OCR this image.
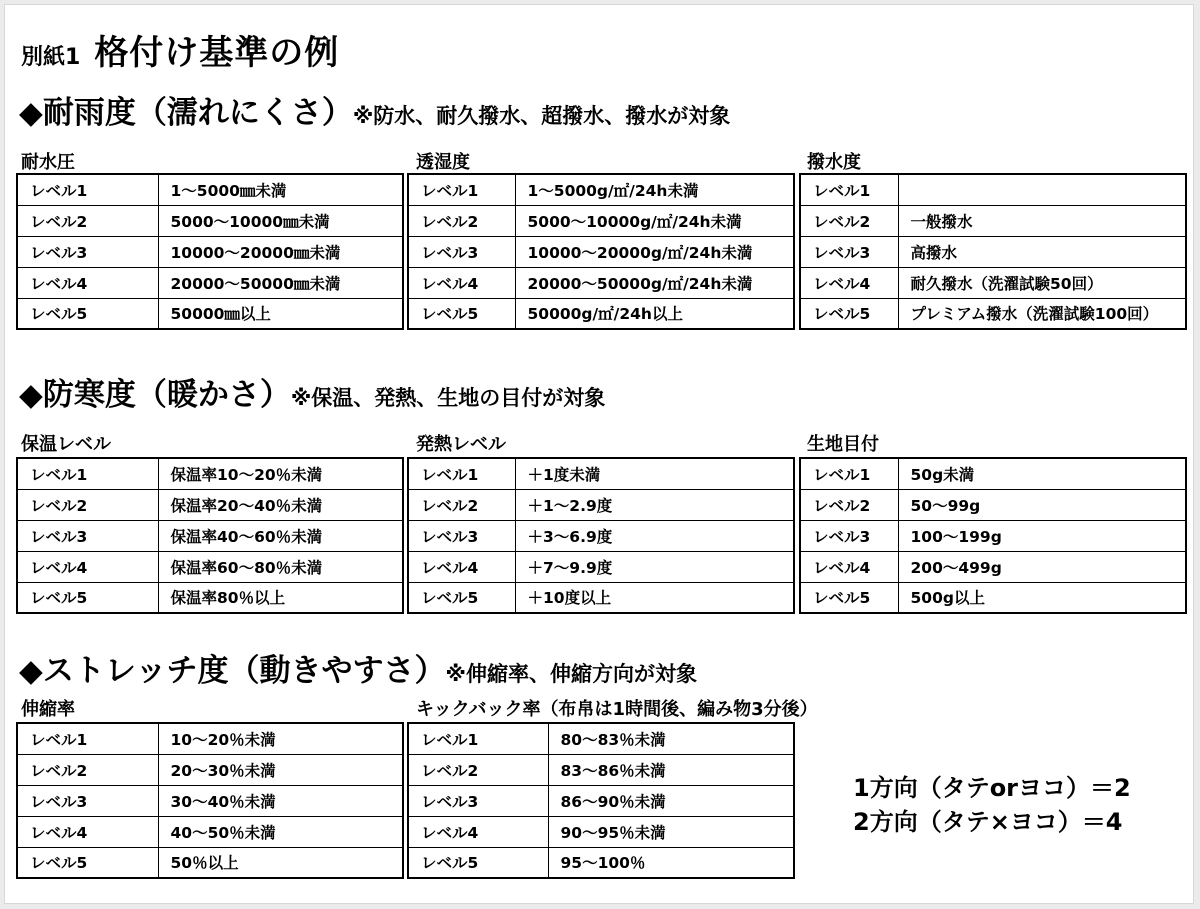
別紙1 格付け基準の例
◆耐雨度（濡れにくさ）※防水、耐久撥水、超撥水、撥水が対象
耐水圧
レベル1	1～5000㎜未満
レベル2	5000～10000㎜未満
レベル3	10000～20000㎜未満
レベル4	20000～50000㎜未満
レベル5	50000㎜以上
透湿度
レベル1	1～5000g/㎡/24h未満
レベル2	5000～10000g/㎡/24h未満
レベル3	10000～20000g/㎡/24h未満
レベル4	20000～50000g/㎡/24h未満
レベル5	50000g/㎡/24h以上
撥水度
レベル1	
レベル2	一般撥水
レベル3	高撥水
レベル4	耐久撥水（洗濯試験50回）
レベル5	プレミアム撥水（洗濯試験100回）
◆防寒度（暖かさ）※保温、発熱、生地の目付が対象
保温レベル
レベル1	保温率10～20％未満
レベル2	保温率20～40％未満
レベル3	保温率40～60％未満
レベル4	保温率60～80％未満
レベル5	保温率80％以上
発熱レベル
レベル1	＋1度未満
レベル2	＋1～2.9度
レベル3	＋3～6.9度
レベル4	＋7～9.9度
レベル5	＋10度以上
生地目付
レベル1	50g未満
レベル2	50～99g
レベル3	100～199g
レベル4	200～499g
レベル5	500g以上
◆ストレッチ度（動きやすさ）※伸縮率、伸縮方向が対象
伸縮率
レベル1	10～20％未満
レベル2	20～30％未満
レベル3	30～40％未満
レベル4	40～50％未満
レベル5	50％以上
キックバック率（布帛は1時間後、編み物3分後）
レベル1	80～83％未満
レベル2	83～86％未満
レベル3	86～90％未満
レベル4	90～95％未満
レベル5	95～100％
1方向（タテorヨコ）＝2
2方向（タテ×ヨコ）＝4
